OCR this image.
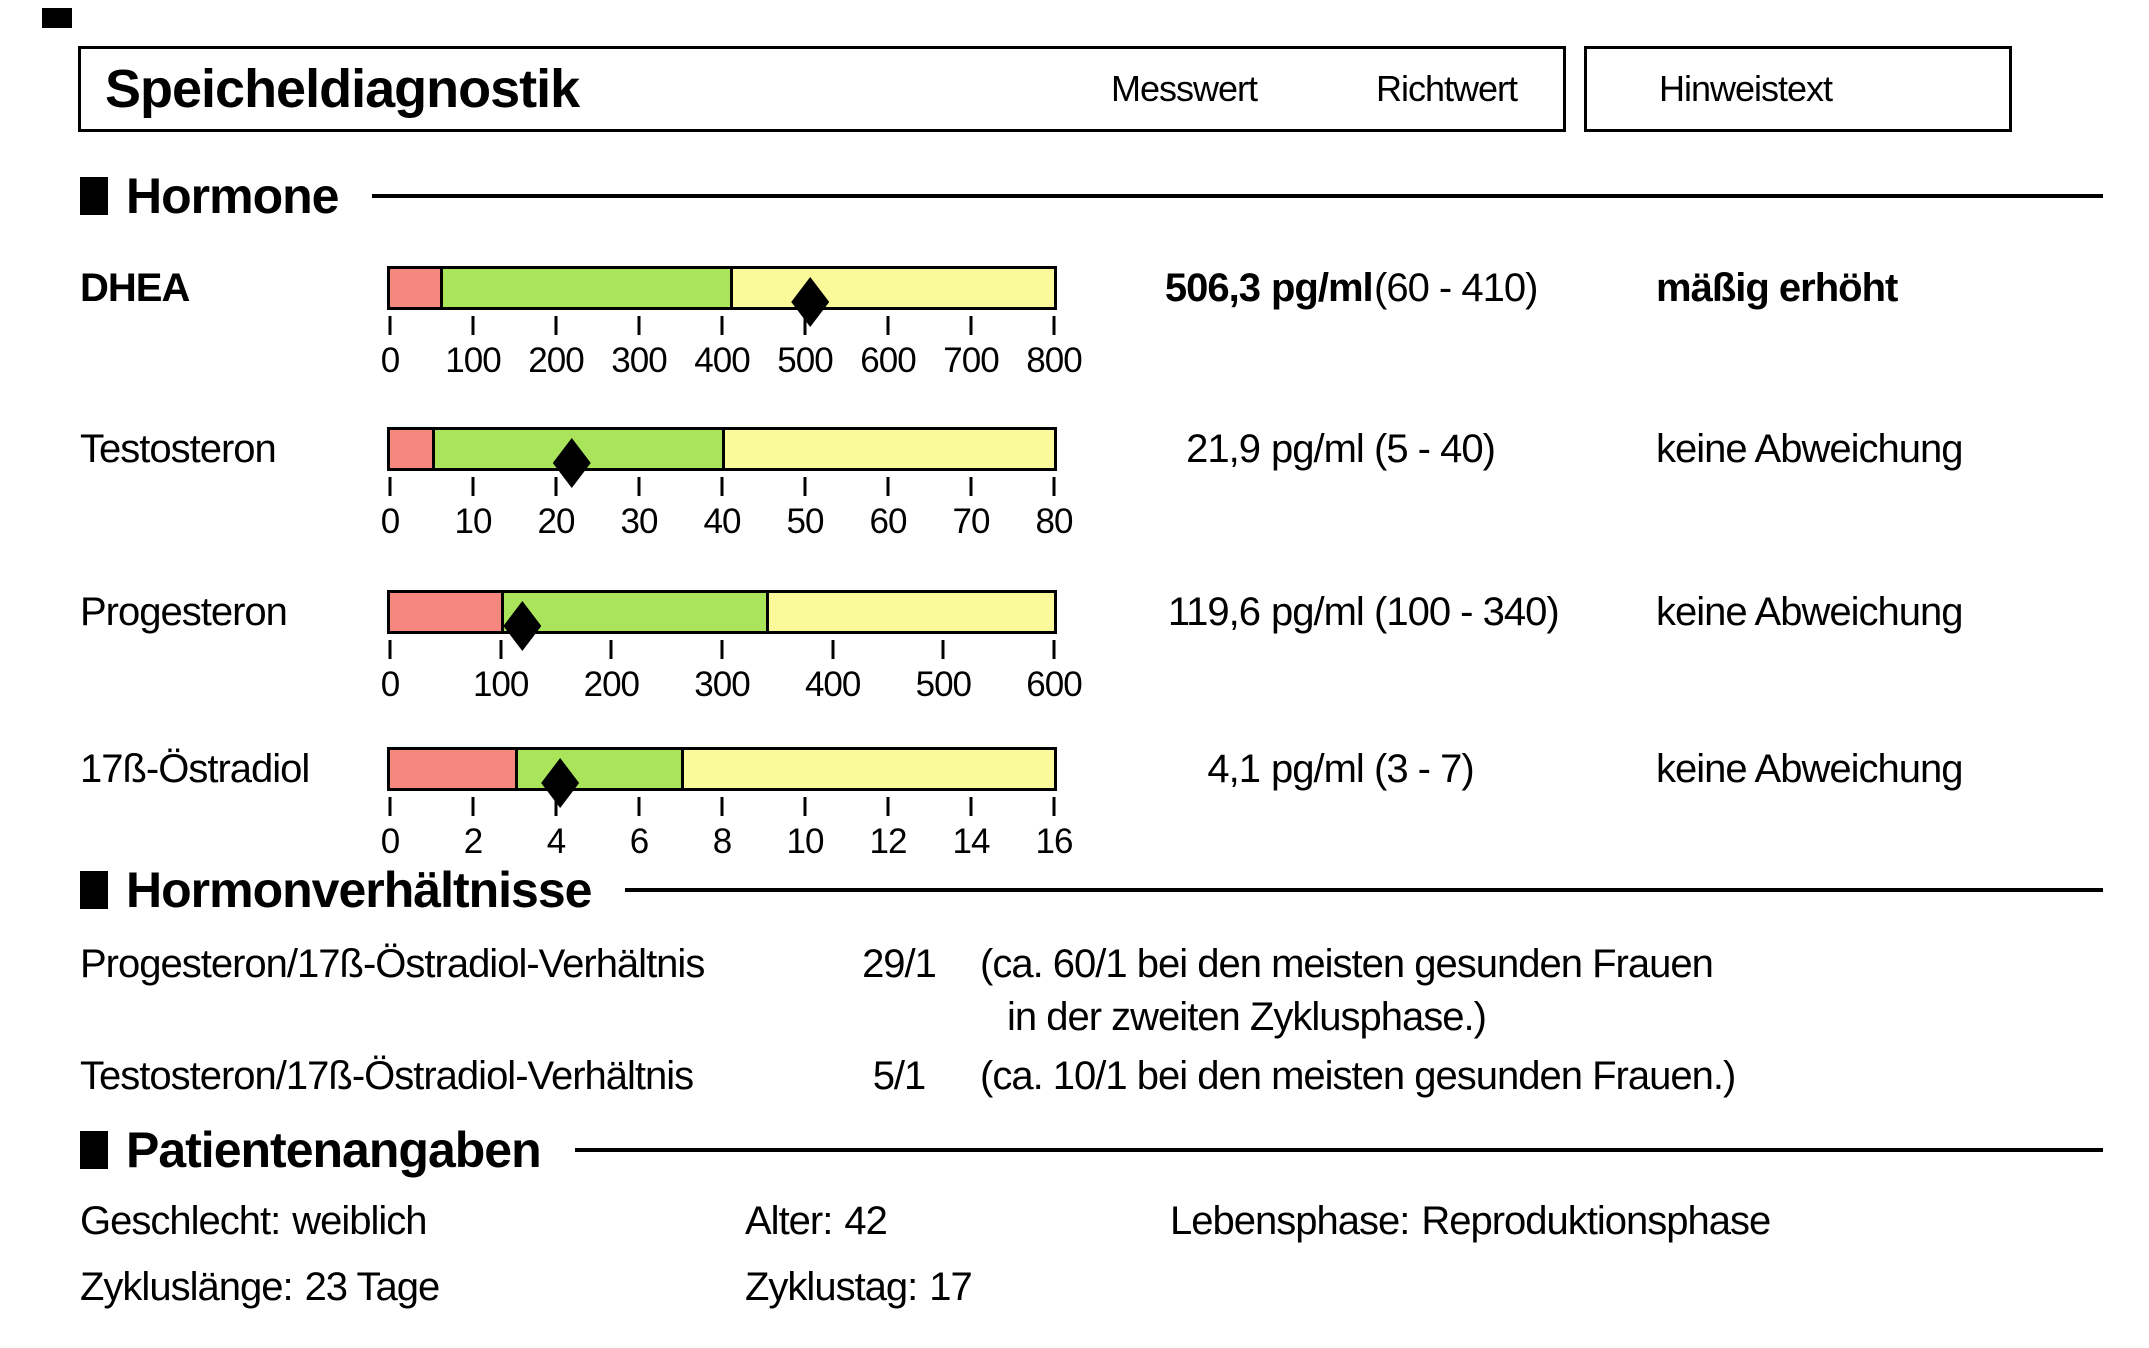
Speicheldiagnostik	Messwert	Richtwert	Hinweistext
Hormone
DHEA
0 100 200 300 400 500 600 700 800
506,3 pg/ml (60 - 410)	mäßig erhöht
Testosteron
0 10 20 30 40 50 60 70 80
21,9 pg/ml (5 - 40)	keine Abweichung
Progesteron
0 100 200 300 400 500 600
119,6 pg/ml (100 - 340) keine Abweichung
17ß-Östradiol
0 2 4 6 8 10 12 14 16
4,1 pg/ml (3 - 7)	keine Abweichung
Hormonverhältnisse
Progesteron/17ß-Östradiol-Verhältnis	29/1	(ca. 60/1 bei den meisten gesunden Frauen
in der zweiten Zyklusphase.)
Testosteron/17ß-Östradiol-Verhältnis	5/1	(ca. 10/1 bei den meisten gesunden Frauen.)
Patientenangaben
Geschlecht: weiblich	Alter: 42	Lebensphase: Reproduktionsphase
Zykluslänge: 23 Tage	Zyklustag: 17
